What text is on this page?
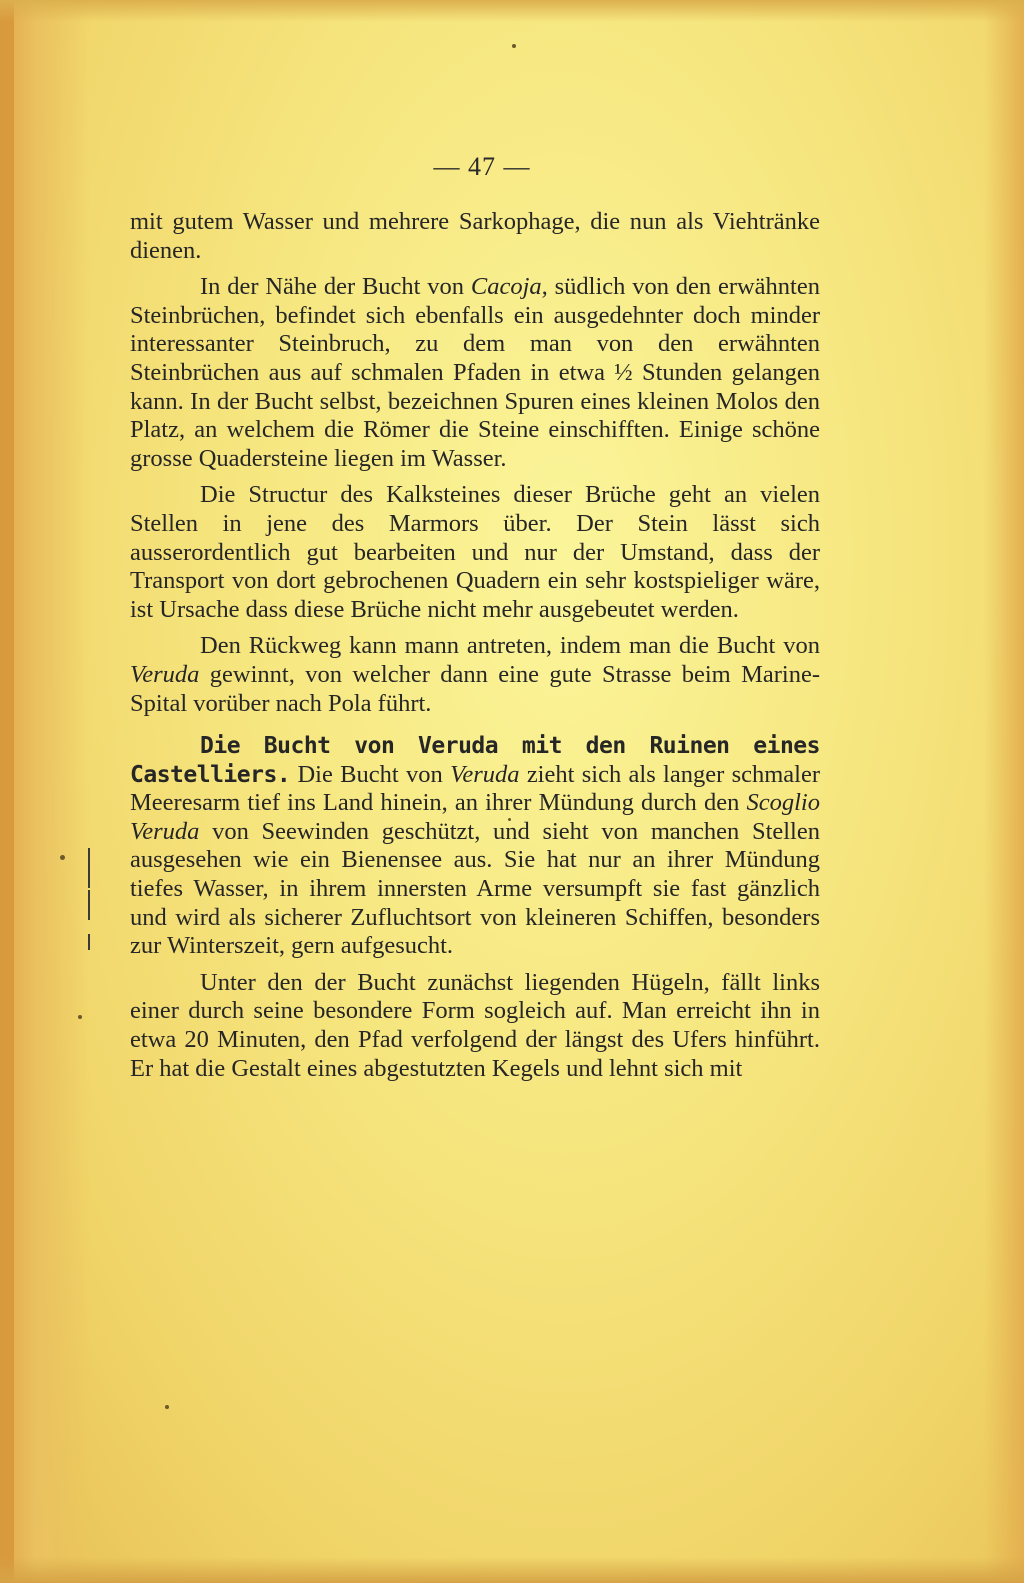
— 47 —

mit gutem Wasser und mehrere Sarkophage, die nun als Viehtränke dienen.

In der Nähe der Bucht von Cacoja, südlich von den erwähnten Steinbrüchen, befindet sich ebenfalls ein ausgedehnter doch minder interessanter Steinbruch, zu dem man von den erwähnten Steinbrüchen aus auf schmalen Pfaden in etwa ½ Stunden gelangen kann. In der Bucht selbst, bezeichnen Spuren eines kleinen Molos den Platz, an welchem die Römer die Steine einschifften. Einige schöne grosse Quadersteine liegen im Wasser.

Die Structur des Kalksteines dieser Brüche geht an vielen Stellen in jene des Marmors über. Der Stein lässt sich ausserordentlich gut bearbeiten und nur der Umstand, dass der Transport von dort gebrochenen Quadern ein sehr kostspieliger wäre, ist Ursache dass diese Brüche nicht mehr ausgebeutet werden.

Den Rückweg kann mann antreten, indem man die Bucht von Veruda gewinnt, von welcher dann eine gute Strasse beim Marine-Spital vorüber nach Pola führt.

Die Bucht von Veruda mit den Ruinen eines Castelliers. Die Bucht von Veruda zieht sich als langer schmaler Meeresarm tief ins Land hinein, an ihrer Mündung durch den Scoglio Veruda von Seewinden geschützt, und sieht von manchen Stellen ausgesehen wie ein Bienensee aus. Sie hat nur an ihrer Mündung tiefes Wasser, in ihrem innersten Arme versumpft sie fast gänzlich und wird als sicherer Zufluchtsort von kleineren Schiffen, besonders zur Winterszeit, gern aufgesucht.

Unter den der Bucht zunächst liegenden Hügeln, fällt links einer durch seine besondere Form sogleich auf. Man erreicht ihn in etwa 20 Minuten, den Pfad verfolgend der längst des Ufers hinführt. Er hat die Gestalt eines abgestutzten Kegels und lehnt sich mit
